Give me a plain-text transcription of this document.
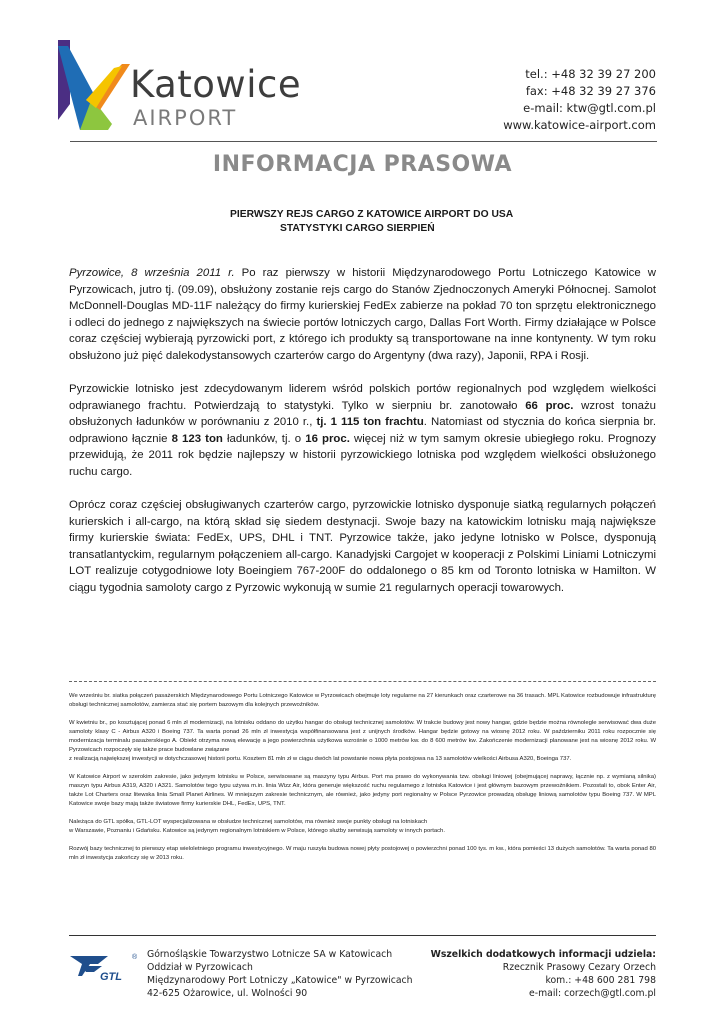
Katowice
AIRPORT
tel.: +48 32 39 27 200
fax: +48 32 39 27 376
e-mail: ktw@gtl.com.pl
www.katowice-airport.com
INFORMACJA PRASOWA
PIERWSZY REJS CARGO Z KATOWICE AIRPORT DO USA
STATYSTYKI CARGO SIERPIEŃ

Pyrzowice, 8 września 2011 r. Po raz pierwszy w historii Międzynarodowego Portu Lotniczego Katowice w Pyrzowicach, jutro tj. (09.09), obsłużony zostanie rejs cargo do Stanów Zjednoczonych Ameryki Północnej. Samolot McDonnell-Douglas MD-11F należący do firmy kurierskiej FedEx zabierze na pokład 70 ton sprzętu elektronicznego i odleci do jednego z największych na świecie portów lotniczych cargo, Dallas Fort Worth. Firmy działające w Polsce coraz częściej wybierają pyrzowicki port, z którego ich produkty są transportowane na inne kontynenty. W tym roku obsłużono już pięć dalekodystansowych czarterów cargo do Argentyny (dwa razy), Japonii, RPA i Rosji.

Pyrzowickie lotnisko jest zdecydowanym liderem wśród polskich portów regionalnych pod względem wielkości odprawianego frachtu. Potwierdzają to statystyki. Tylko w sierpniu br. zanotowało 66 proc. wzrost tonażu obsłużonych ładunków w porównaniu z 2010 r., tj. 1 115 ton frachtu. Natomiast od stycznia do końca sierpnia br. odprawiono łącznie 8 123 ton ładunków, tj. o 16 proc. więcej niż w tym samym okresie ubiegłego roku. Prognozy przewidują, że 2011 rok będzie najlepszy w historii pyrzowickiego lotniska pod względem wielkości obsłużonego ruchu cargo.

Oprócz coraz częściej obsługiwanych czarterów cargo, pyrzowickie lotnisko dysponuje siatką regularnych połączeń kurierskich i all-cargo, na którą skład się siedem destynacji. Swoje bazy na katowickim lotnisku mają największe firmy kurierskie świata: FedEx, UPS, DHL i TNT. Pyrzowice także, jako jedyne lotnisko w Polsce, dysponują transatlantyckim, regularnym połączeniem all-cargo. Kanadyjski Cargojet w kooperacji z Polskimi Liniami Lotniczymi LOT realizuje cotygodniowe loty Boeingiem 767-200F do oddalonego o 85 km od Toronto lotniska w Hamilton. W ciągu tygodnia samoloty cargo z Pyrzowic wykonują w sumie 21 regularnych operacji towarowych.

We wrześniu br. siatka połączeń pasażerskich Międzynarodowego Portu Lotniczego Katowice w Pyrzowicach obejmuje loty regularne na 27 kierunkach oraz czarterowe na 36 trasach. MPL Katowice rozbudowuje infrastrukturę obsługi technicznej samolotów, zamierza stać się portem bazowym dla kolejnych przewoźników.

W kwietniu br., po kosztującej ponad 6 mln zł modernizacji, na lotnisku oddano do użytku hangar do obsługi technicznej samolotów. W trakcie budowy jest nowy hangar, gdzie będzie można równolegle serwisować dwa duże samoloty klasy C - Airbus A320 i Boeing 737. Ta warta ponad 26 mln zł inwestycja współfinansowana jest z unijnych środków. Hangar będzie gotowy na wiosnę 2012 roku. W październiku 2011 roku rozpocznie się modernizacja terminalu pasażerskiego A. Obiekt otrzyma nową elewację a jego powierzchnia użytkowa wzrośnie o 1000 metrów kw. do 8 600 metrów kw. Zakończenie modernizacji planowane jest na wiosnę 2012 roku. W Pyrzowicach rozpoczęły się także prace budowlane związane
z realizacją największej inwestycji w dotychczasowej historii portu. Kosztem 81 mln zł w ciągu dwóch lat powstanie nowa płyta postojowa na 13 samolotów wielkości Airbusa A320, Boeinga 737.

W Katowice Airport w szerokim zakresie, jako jedynym lotnisku w Polsce, serwisowane są maszyny typu Airbus. Port ma prawo do wykonywania tzw. obsługi liniowej (obejmującej naprawy, łącznie np. z wymianą silnika) maszyn typu Airbus A319, A320 i A321. Samolotów tego typu używa m.in. linia Wizz Air, która generuje większość ruchu regularnego z lotniska Katowice i jest głównym bazowym przewoźnikiem. Pozostali to, obok Enter Air, także Lot Charters oraz litewska linia Small Planet Airlines. W mniejszym zakresie technicznym, ale również, jako jedyny port regionalny w Polsce Pyrzowice prowadzą obsługę liniową samolotów typu Boeing 737. W MPL Katowice swoje bazy mają także światowe firmy kurierskie DHL, FedEx, UPS, TNT.

Należąca do GTL spółka, GTL-LOT wyspecjalizowana w obsłudze technicznej samolotów, ma również swoje punkty obsługi na lotniskach
w Warszawie, Poznaniu i Gdańsku. Katowice są jedynym regionalnym lotniskiem w Polsce, którego służby serwisują samoloty w innych portach.

Rozwój bazy technicznej to pierwszy etap wieloletniego programu inwestycyjnego. W maju ruszyła budowa nowej płyty postojowej o powierzchni ponad 100 tys. m kw., która pomieści 13 dużych samolotów. Ta warta ponad 80 mln zł inwestycja zakończy się w 2013 roku.

GTL
® Górnośląskie Towarzystwo Lotnicze SA w Katowicach
Oddział w Pyrzowicach
Międzynarodowy Port Lotniczy „Katowice" w Pyrzowicach
42-625 Ożarowice, ul. Wolności 90
Wszelkich dodatkowych informacji udziela:
Rzecznik Prasowy Cezary Orzech
kom.: +48 600 281 798
e-mail: corzech@gtl.com.pl
